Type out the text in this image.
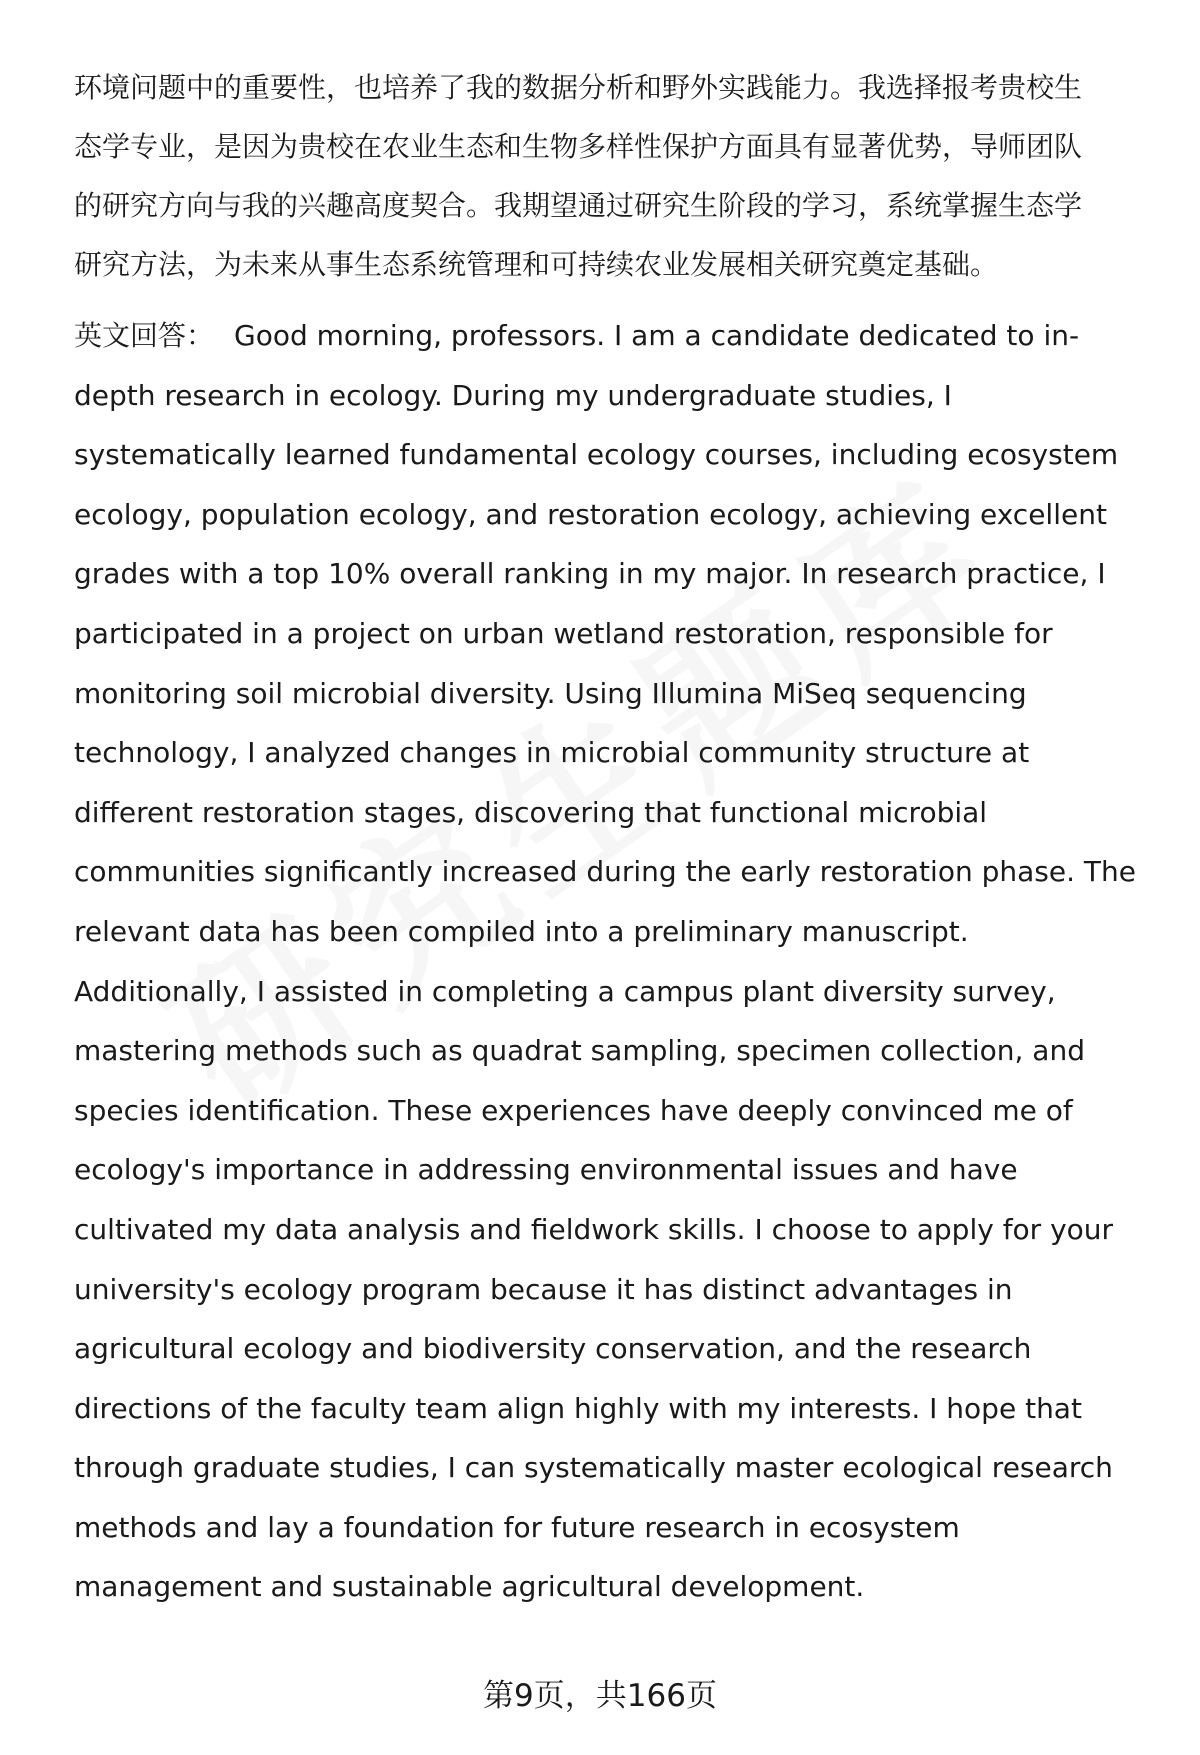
环境问题中的重要性，也培养了我的数据分析和野外实践能力。我选择报考贵校生
态学专业，是因为贵校在农业生态和生物多样性保护方面具有显著优势，导师团队
的研究方向与我的兴趣高度契合。我期望通过研究生阶段的学习，系统掌握生态学
研究方法，为未来从事生态系统管理和可持续农业发展相关研究奠定基础。

英文回答： Good morning, professors. I am a candidate dedicated to in-
depth research in ecology. During my undergraduate studies, I
systematically learned fundamental ecology courses, including ecosystem
ecology, population ecology, and restoration ecology, achieving excellent
grades with a top 10% overall ranking in my major. In research practice, I
participated in a project on urban wetland restoration, responsible for
monitoring soil microbial diversity. Using Illumina MiSeq sequencing
technology, I analyzed changes in microbial community structure at
different restoration stages, discovering that functional microbial
communities significantly increased during the early restoration phase. The
relevant data has been compiled into a preliminary manuscript.
Additionally, I assisted in completing a campus plant diversity survey,
mastering methods such as quadrat sampling, specimen collection, and
species identification. These experiences have deeply convinced me of
ecology's importance in addressing environmental issues and have
cultivated my data analysis and fieldwork skills. I choose to apply for your
university's ecology program because it has distinct advantages in
agricultural ecology and biodiversity conservation, and the research
directions of the faculty team align highly with my interests. I hope that
through graduate studies, I can systematically master ecological research
methods and lay a foundation for future research in ecosystem
management and sustainable agricultural development.

第9页，共166页
